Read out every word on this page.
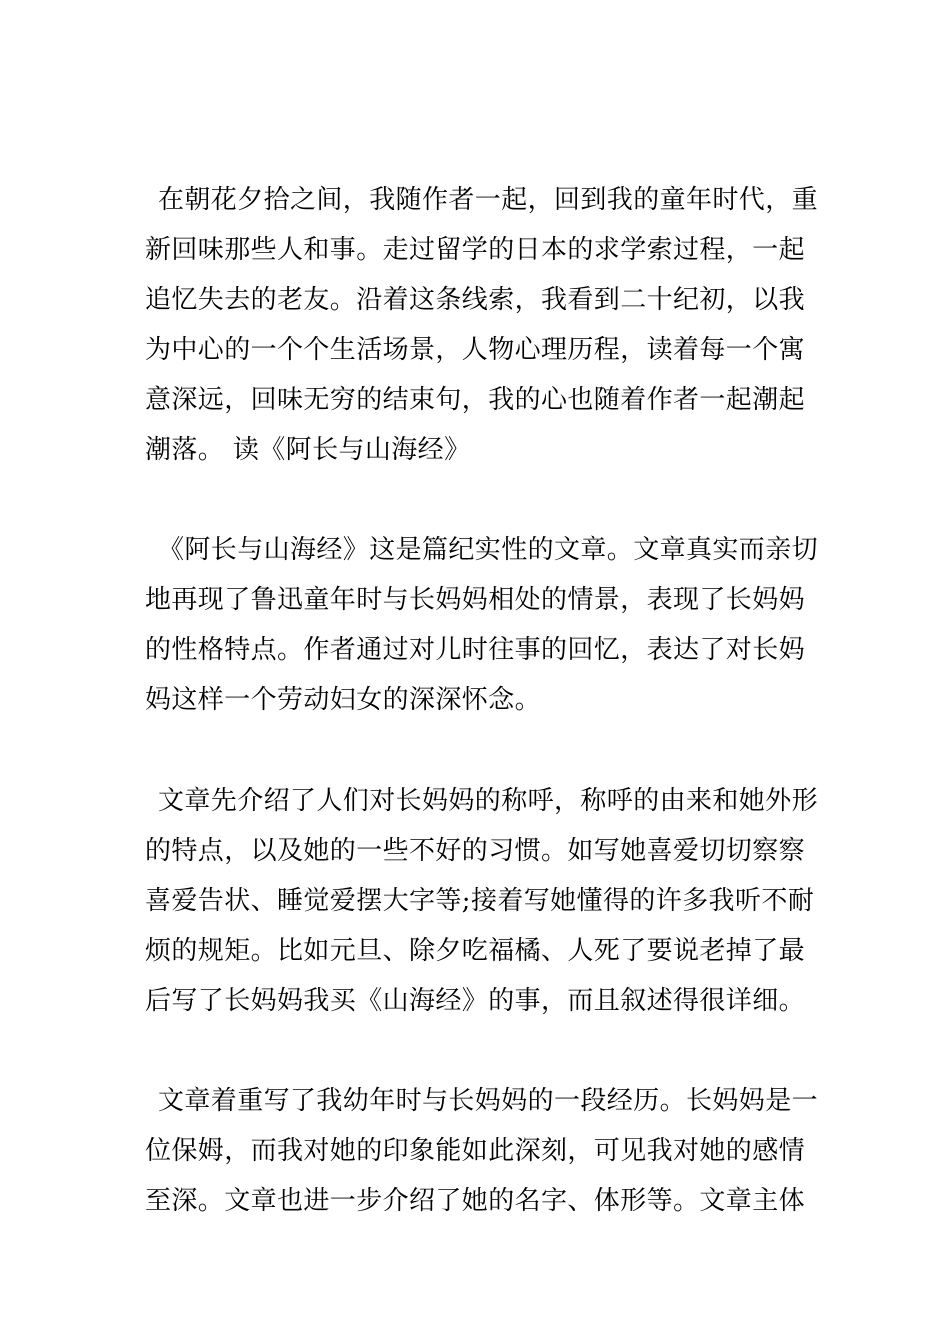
在朝花夕拾之间，我随作者一起，回到我的童年时代，重
新回味那些人和事。走过留学的日本的求学索过程，一起
追忆失去的老友。沿着这条线索，我看到二十纪初，以我
为中心的一个个生活场景，人物心理历程，读着每一个寓
意深远，回味无穷的结束句，我的心也随着作者一起潮起
潮落。 读《阿长与山海经》
《阿长与山海经》这是篇纪实性的文章。文章真实而亲切
地再现了鲁迅童年时与长妈妈相处的情景，表现了长妈妈
的性格特点。作者通过对儿时往事的回忆，表达了对长妈
妈这样一个劳动妇女的深深怀念。
文章先介绍了人们对长妈妈的称呼，称呼的由来和她外形
的特点，以及她的一些不好的习惯。如写她喜爱切切察察
喜爱告状、睡觉爱摆大字等;接着写她懂得的许多我听不耐
烦的规矩。比如元旦、除夕吃福橘、人死了要说老掉了最
后写了长妈妈我买《山海经》的事，而且叙述得很详细。
文章着重写了我幼年时与长妈妈的一段经历。长妈妈是一
位保姆，而我对她的印象能如此深刻，可见我对她的感情
至深。文章也进一步介绍了她的名字、体形等。文章主体
